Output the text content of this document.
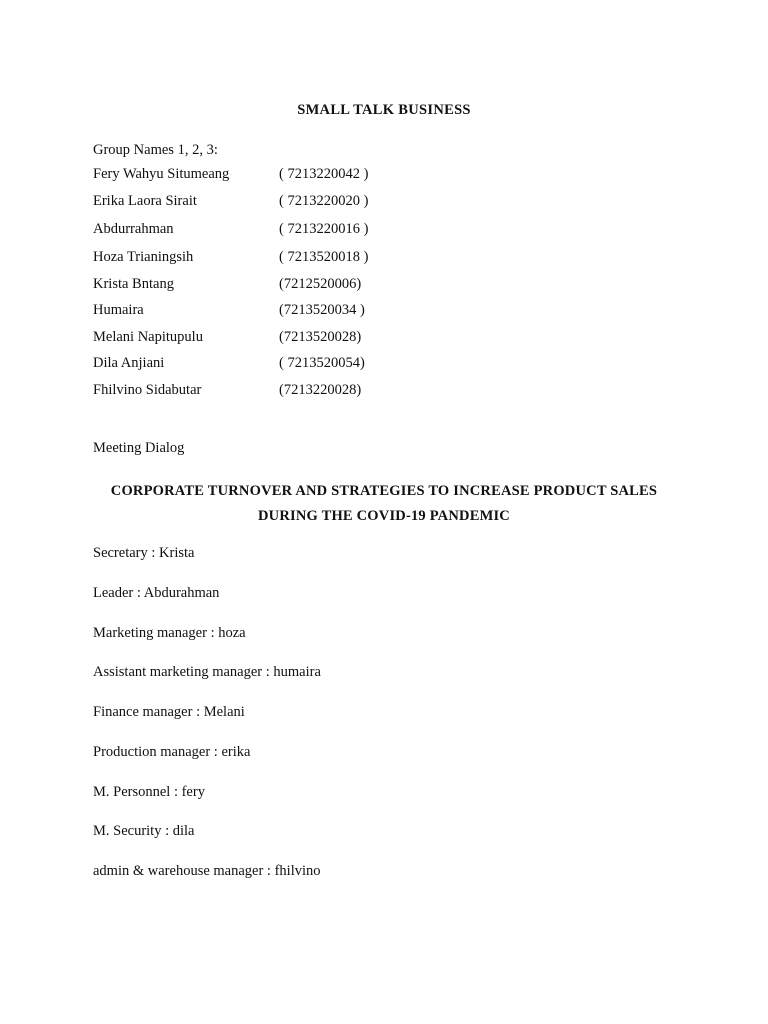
SMALL TALK BUSINESS
Group Names 1, 2, 3:
Fery Wahyu Situmeang	( 7213220042 )
Erika Laora Sirait	( 7213220020 )
Abdurrahman	( 7213220016 )
Hoza Trianingsih	( 7213520018 )
Krista Bntang	(7212520006)
Humaira	(7213520034 )
Melani Napitupulu	(7213520028)
Dila Anjiani	( 7213520054)
Fhilvino Sidabutar	(7213220028)
Meeting Dialog
CORPORATE TURNOVER AND STRATEGIES TO INCREASE PRODUCT SALES
DURING THE COVID-19 PANDEMIC
Secretary : Krista
Leader : Abdurahman
Marketing manager : hoza
Assistant marketing manager : humaira
Finance manager : Melani
Production manager : erika
M. Personnel : fery
M. Security : dila
admin & warehouse manager : fhilvino
